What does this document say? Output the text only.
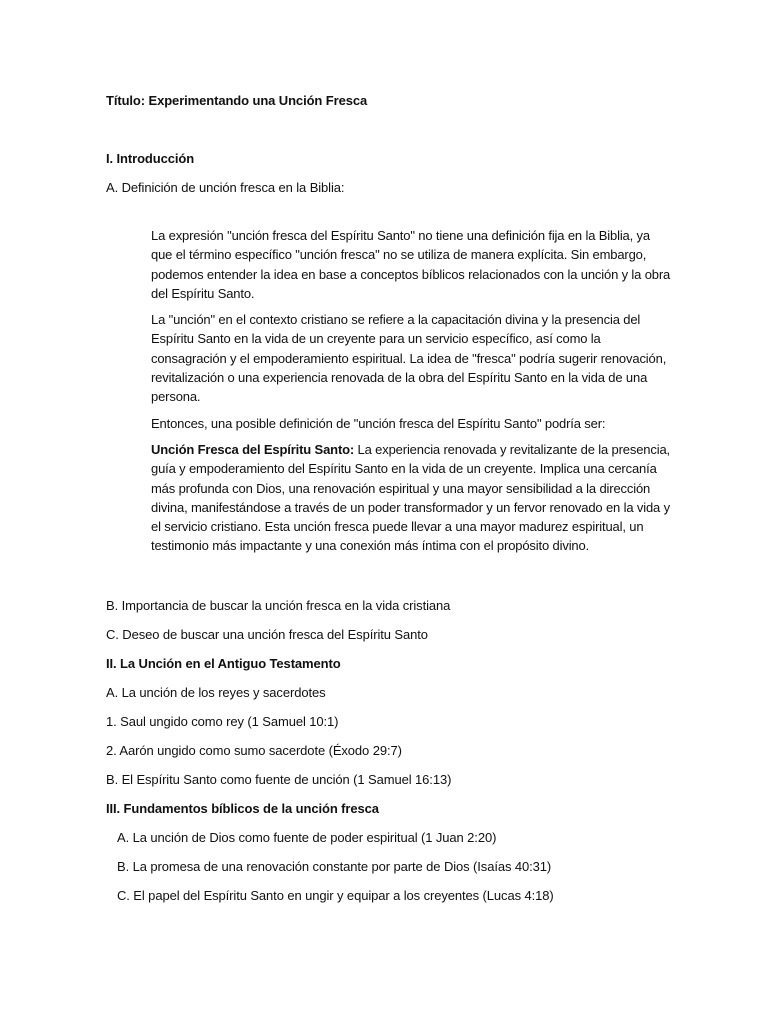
Título: Experimentando una Unción Fresca
I. Introducción
A. Definición de unción fresca en la Biblia:

La expresión "unción fresca del Espíritu Santo" no tiene una definición fija en la Biblia, ya que el término específico "unción fresca" no se utiliza de manera explícita. Sin embargo, podemos entender la idea en base a conceptos bíblicos relacionados con la unción y la obra del Espíritu Santo.

La "unción" en el contexto cristiano se refiere a la capacitación divina y la presencia del Espíritu Santo en la vida de un creyente para un servicio específico, así como la consagración y el empoderamiento espiritual. La idea de "fresca" podría sugerir renovación, revitalización o una experiencia renovada de la obra del Espíritu Santo en la vida de una persona.

Entonces, una posible definición de "unción fresca del Espíritu Santo" podría ser:

Unción Fresca del Espíritu Santo: La experiencia renovada y revitalizante de la presencia, guía y empoderamiento del Espíritu Santo en la vida de un creyente. Implica una cercanía más profunda con Dios, una renovación espiritual y una mayor sensibilidad a la dirección divina, manifestándose a través de un poder transformador y un fervor renovado en la vida y el servicio cristiano. Esta unción fresca puede llevar a una mayor madurez espiritual, un testimonio más impactante y una conexión más íntima con el propósito divino.

B. Importancia de buscar la unción fresca en la vida cristiana
C. Deseo de buscar una unción fresca del Espíritu Santo
II. La Unción en el Antiguo Testamento
A. La unción de los reyes y sacerdotes
1. Saul ungido como rey (1 Samuel 10:1)
2. Aarón ungido como sumo sacerdote (Éxodo 29:7)
B. El Espíritu Santo como fuente de unción (1 Samuel 16:13)
III. Fundamentos bíblicos de la unción fresca
A. La unción de Dios como fuente de poder espiritual (1 Juan 2:20)
B. La promesa de una renovación constante por parte de Dios (Isaías 40:31)
C. El papel del Espíritu Santo en ungir y equipar a los creyentes (Lucas 4:18)
